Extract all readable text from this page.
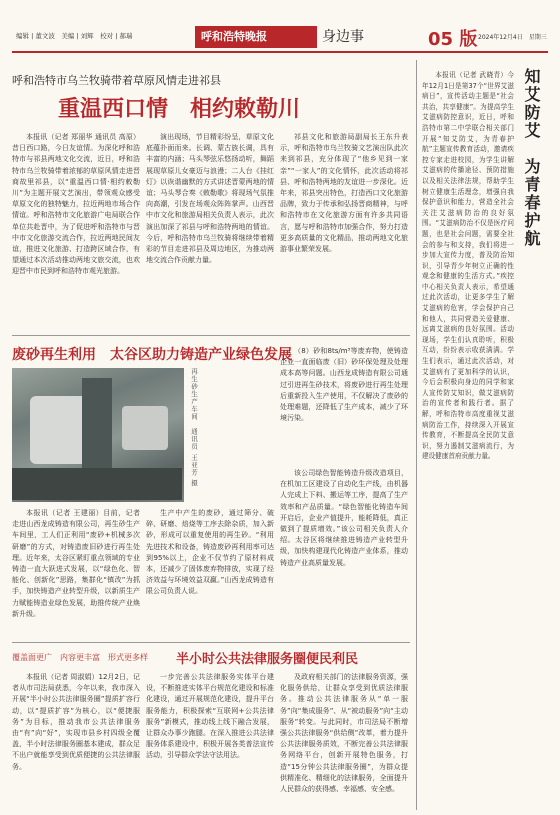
编辑 | 董文波　美编 | 刘辉　校对 | 郝瑞	呼和浩特晚报	身边事	05 版 2024年12月4日　星期三
呼和浩特市乌兰牧骑带着草原风情走进祁县
重温西口情　相约敕勒川

本报讯（记者 郑丽华 通讯员 高原）昔日西口路，今日友谊情。为深化呼和浩特市与祁县两地文化交流，近日，呼和浩特市乌兰牧骑带着浓郁的草原风情走进晋商故里祁县，以“重温西口情·相约敕勒川”为主题开展文艺演出，带领观众感受草原文化的独特魅力，拉近两地市场合作情谊。呼和浩特市文化旅游广电局联合作单位共赴晋中，为了促进呼和浩特市与晋中市文化旅游交流合作，拉近两地民间友谊，推进文化旅游、打造跨区域合作，有望通过本次活动推动两地文旅交流，也欢迎晋中市民到呼和浩特市观光旅游。

演出现场，节目精彩纷呈，草原文化底蕴扑面而来。长调、蒙古族长调，具有丰富的内涵；马头琴弦乐悠扬动听，舞蹈展现草原儿女豪迈与浪漫；二人台《挂红灯》以诙谐幽默的方式讲述晋蒙两地的情谊；马头琴合奏《敕勒歌》将现场气氛推向高潮，引发在场观众阵阵掌声。山西晋中市文化和旅游局相关负责人表示，此次演出加深了祁县与呼和浩特两地的情谊。今后，呼和浩特市乌兰牧骑将继续带着精彩的节目走进祁县及周边地区，为推动两地交流合作贡献力量。

祁县文化和旅游局副局长王东升表示，呼和浩特市乌兰牧骑文艺演出队此次来到祁县，充分体现了“他乡见到一家亲”“一家人”的文化情怀，此次活动将祁县、呼和浩特两地的友谊进一步深化。近年来，祁县突出特色，打造西口文化旅游品牌，致力于传承和弘扬晋商精神，与呼和浩特市在文化旅游方面有许多共同语言，愿与呼和浩特市加强合作，努力打造更多高质量的文化精品，推动两地文化旅游事业繁荣发展。

废砂再生利用　太谷区助力铸造产业绿色发展
再生砂生产车间　通讯员 王亚芳 摄

本报讯（记者 王建丽）目前，记者走进山西龙成铸造有限公司，再生砂生产车间里，工人们正利用“废砂+机械多次研磨”的方式，对铸造废旧砂进行再生处理。近年来，太谷区紧盯重点领域的专业铸造一直大跃进式发展，以“绿色化、智能化、创新化”思路，集群化“镇改”为抓手，加快铸造产业转型升级，以新质生产力赋能铸造业绿色发展，助推传统产业焕新升级。

生产中产生的废砂，通过筛分、破碎、研磨、焙烧等工序去除杂质，加入新砂，形成可以重复使用的再生砂。“利用先进技术和设备，铸造废砂再利用率可达到95%以上，企业不仅节约了原材料成本，还减少了固体废弃物排放，实现了经济效益与环境效益双赢。”山西龙成铸造有限公司负责人说。

（8）砂和8ts/m³等废弃物，使铸造企业一直面临废（旧）砂环保处理及处理成本高等问题。山西龙成铸造有限公司通过引进再生砂技术，将废砂进行再生处理后重新投入生产使用，不仅解决了废砂的处理难题，还降低了生产成本，减少了环境污染。

该公司绿色智能铸造升级改造项目，在机加工区建设了自动化生产线，由机器人完成上下料、搬运等工序，提高了生产效率和产品质量。“绿色智能化铸造车间开启后，企业产值提升，能耗降低，真正做到了提质增效。”该公司相关负责人介绍。太谷区将继续推进铸造产业转型升级，加快构建现代化铸造产业体系，推动铸造产业高质量发展。

覆盖面更广　内容更丰富　形式更多样 半小时公共法律服务圈便民利民

本报讯（记者 周淑娟）12月2日，记者从市司法局获悉，今年以来，我市深入开展“半小时公共法律服务圈”提质扩容行动，以“提质扩容”为核心，以“便捷服务”为目标，推动我市公共法律服务由“有”向“好”，实现市县乡村四级全覆盖，半小时法律服务圈基本建成，群众足不出户就能享受到优质便捷的公共法律服务。

一步完善公共法律服务实体平台建设，不断推进实体平台规范化建设和标准化建设，通过开展规范化建设，提升平台服务能力，积极探索“互联网+公共法律服务”新模式，推动线上线下融合发展，让群众办事少跑腿。在深入推进公共法律服务体系建设中，积极开展各类普法宣传活动，引导群众学法守法用法。

及政府相关部门的法律服务资源，强化服务供给，让群众享受到优质法律服务。推动公共法律服务从“单一服务”向“集成服务”、从“被动服务”向“主动服务”转变。与此同时，市司法局不断增强公共法律服务“供给侧”改革，着力提升公共法律服务质效，不断完善公共法律服务网络平台，创新开展特色服务，打造“15分钟公共法律服务圈”，为群众提供精准化、精细化的法律服务，全面提升人民群众的获得感、幸福感、安全感。

知艾防艾　为青春护航

本报讯（记者 武晓青）今年12月1日是第37个“世界艾滋病日”，宣传活动主题是“社会共治，共享健康”。为提高学生艾滋病防控意识，近日，呼和浩特市第二中学联合相关部门开展“知艾防艾，为青春护航”主题宣传教育活动，邀请疾控专家走进校园，为学生讲解艾滋病的传播途径、预防措施以及相关法律法规，帮助学生树立健康生活理念，增强自我保护意识和能力，营造全社会关注艾滋病防治的良好氛围。“艾滋病防治不仅是医疗问题，也是社会问题，需要全社会的参与和支持，我们将进一步加大宣传力度，普及防治知识，引导青少年树立正确的性观念和健康的生活方式。”疾控中心相关负责人表示，希望通过此次活动，让更多学生了解艾滋病的危害，学会保护自己和他人，共同营造关爱健康、远离艾滋病的良好氛围。活动现场，学生们认真聆听，积极互动，纷纷表示收获满满。学生们表示，通过此次活动，对艾滋病有了更加科学的认识，今后会积极向身边的同学和家人宣传防艾知识，做艾滋病防治的宣传者和践行者。据了解，呼和浩特市高度重视艾滋病防治工作，持续深入开展宣传教育，不断提高全民防艾意识，努力遏制艾滋病流行，为建设健康首府贡献力量。
